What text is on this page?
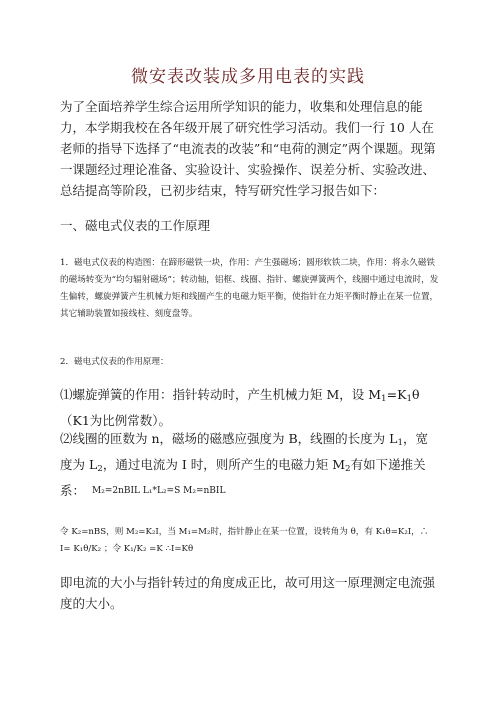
微安表改装成多用电表的实践
为了全面培养学生综合运用所学知识的能力，收集和处理信息的能力，本学期我校在各年级开展了研究性学习活动。我们一行 10 人在老师的指导下选择了“电流表的改装”和“电荷的测定”两个课题。现第一课题经过理论准备、实验设计、实验操作、误差分析、实验改进、总结提高等阶段，已初步结束，特写研究性学习报告如下：
一、磁电式仪表的工作原理
1．磁电式仪表的构造图：在蹄形磁铁一块，作用：产生强磁场；圆形软铁二块，作用：将永久磁铁的磁场转变为“均匀辐射磁场”；转动轴，铝框、线圈、指针、螺旋弹簧两个，线圈中通过电流时，发生偏转，螺旋弹簧产生机械力矩和线圈产生的电磁力矩平衡，使指针在力矩平衡时静止在某一位置，其它辅助装置如接线柱、刻度盘等。
2．磁电式仪表的作用原理：
⑴螺旋弹簧的作用：指针转动时，产生机械力矩 M，设 $M_1=K_1\theta(K1$为比例常数）。
⑵线圈的匝数为 n，磁场的磁感应强度为 B，线圈的长度为 $L_1$，宽度为 $L_2$，通过电流为 I 时，则所产生的电磁力矩 $M_2$有如下递推关系： M₂=2nBIL L₁*L₂=S M₂=nBIL
令 K₂=nBS，则 M₂=K₂I，当 M₁=M₂时，指针静止在某一位置，设转角为 θ，有 K₁θ=K₂I，∴ I= K₁θ/K₂ ；令 K₁/K₂ =K ∴I=Kθ
即电流的大小与指针转过的角度成正比，故可用这一原理测定电流强度的大小。
